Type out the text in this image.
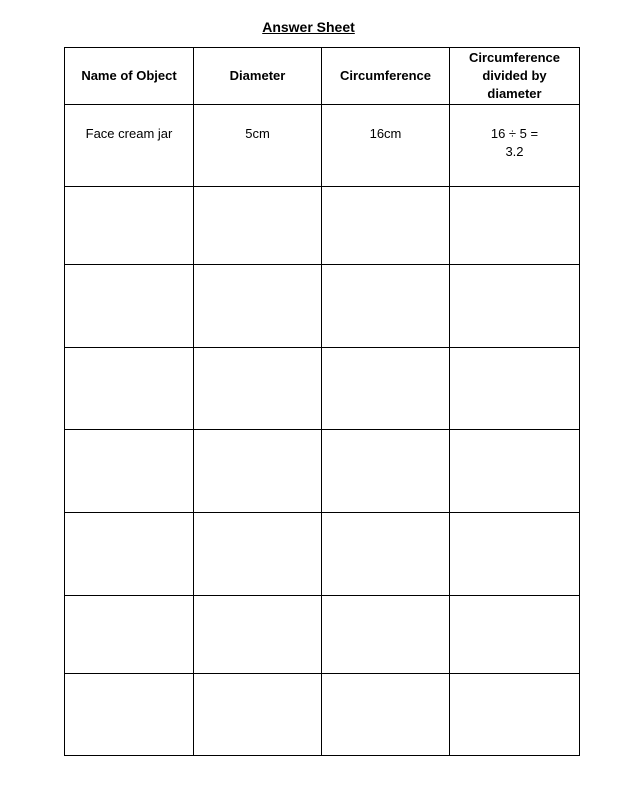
Answer Sheet
Name of Object	Diameter	Circumference	Circumference
divided by
diameter

Face cream jar	5cm	16cm	16 ÷ 5 =
3.2
